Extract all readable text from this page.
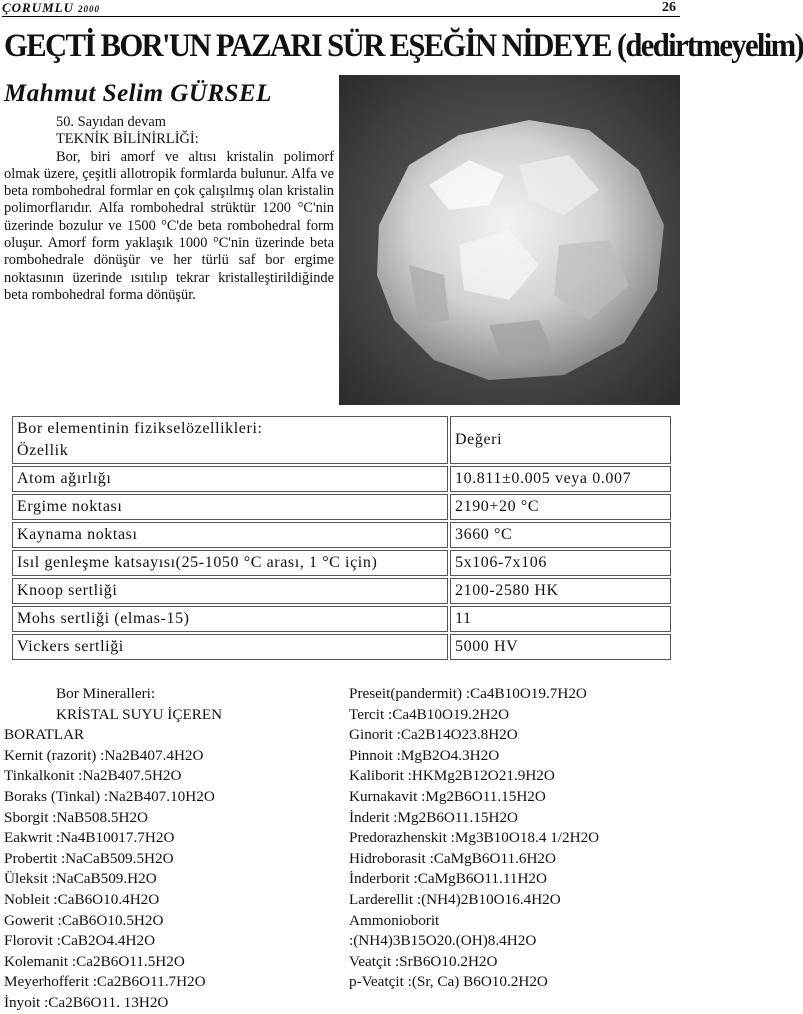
ÇORUMLU 2000	26
GEÇTİ BOR'UN PAZARI SÜR EŞEĞİN NİDEYE (dedirtmeyelim)
Mahmut Selim GÜRSEL

50. Sayıdan devam

TEKNİK BİLİNİRLİĞİ:

Bor, biri amorf ve altısı kristalin polimorf olmak üzere, çeşitli allotropik formlarda bulunur. Alfa ve beta rombohedral formlar en çok çalışılmış olan kristalin polimorflarıdır. Alfa rombohedral strüktür 1200 °C'nin üzerinde bozulur ve 1500 °C'de beta rombohedral form oluşur. Amorf form yaklaşık 1000 °C'nin üzerinde beta rombohedrale dönüşür ve her türlü saf bor ergime noktasının üzerinde ısıtılıp tekrar kristalleştirildiğinde beta rombohedral forma dönüşür.

Bor elementinin fizikselözellikleri:
Özellik	Değeri
Atom ağırlığı	10.811±0.005 veya 0.007
Ergime noktası	2190+20 °C
Kaynama noktası	3660 °C
Isıl genleşme katsayısı(25-1050 °C arası, 1 °C için)	5x106-7x106
Knoop sertliği	2100-2580 HK
Mohs sertliği (elmas-15)	11
Vickers sertliği	5000 HV
Bor Mineralleri:
KRİSTAL SUYU İÇEREN
BORATLAR
Kernit (razorit) :Na2B407.4H2O
Tinkalkonit :Na2B407.5H2O
Boraks (Tinkal) :Na2B407.10H2O
Sborgit :NaB508.5H2O
Eakwrit :Na4B10017.7H2O
Probertit :NaCaB509.5H2O
Üleksit :NaCaB509.H2O
Nobleit :CaB6O10.4H2O
Gowerit :CaB6O10.5H2O
Florovit :CaB2O4.4H2O
Kolemanit :Ca2B6O11.5H2O
Meyerhofferit :Ca2B6O11.7H2O
İnyoit :Ca2B6O11. 13H2O
Preseit(pandermit) :Ca4B10O19.7H2O
Tercit :Ca4B10O19.2H2O
Ginorit :Ca2B14O23.8H2O
Pinnoit :MgB2O4.3H2O
Kaliborit :HKMg2B12O21.9H2O
Kurnakavit :Mg2B6O11.15H2O
İnderit :Mg2B6O11.15H2O
Predorazhenskit :Mg3B10O18.4 1/2H2O
Hidroborasit :CaMgB6O11.6H2O
İnderborit :CaMgB6O11.11H2O
Larderellit :(NH4)2B10O16.4H2O
Ammonioborit
:(NH4)3B15O20.(OH)8.4H2O
Veatçit :SrB6O10.2H2O
p-Veatçit :(Sr, Ca) B6O10.2H2O
